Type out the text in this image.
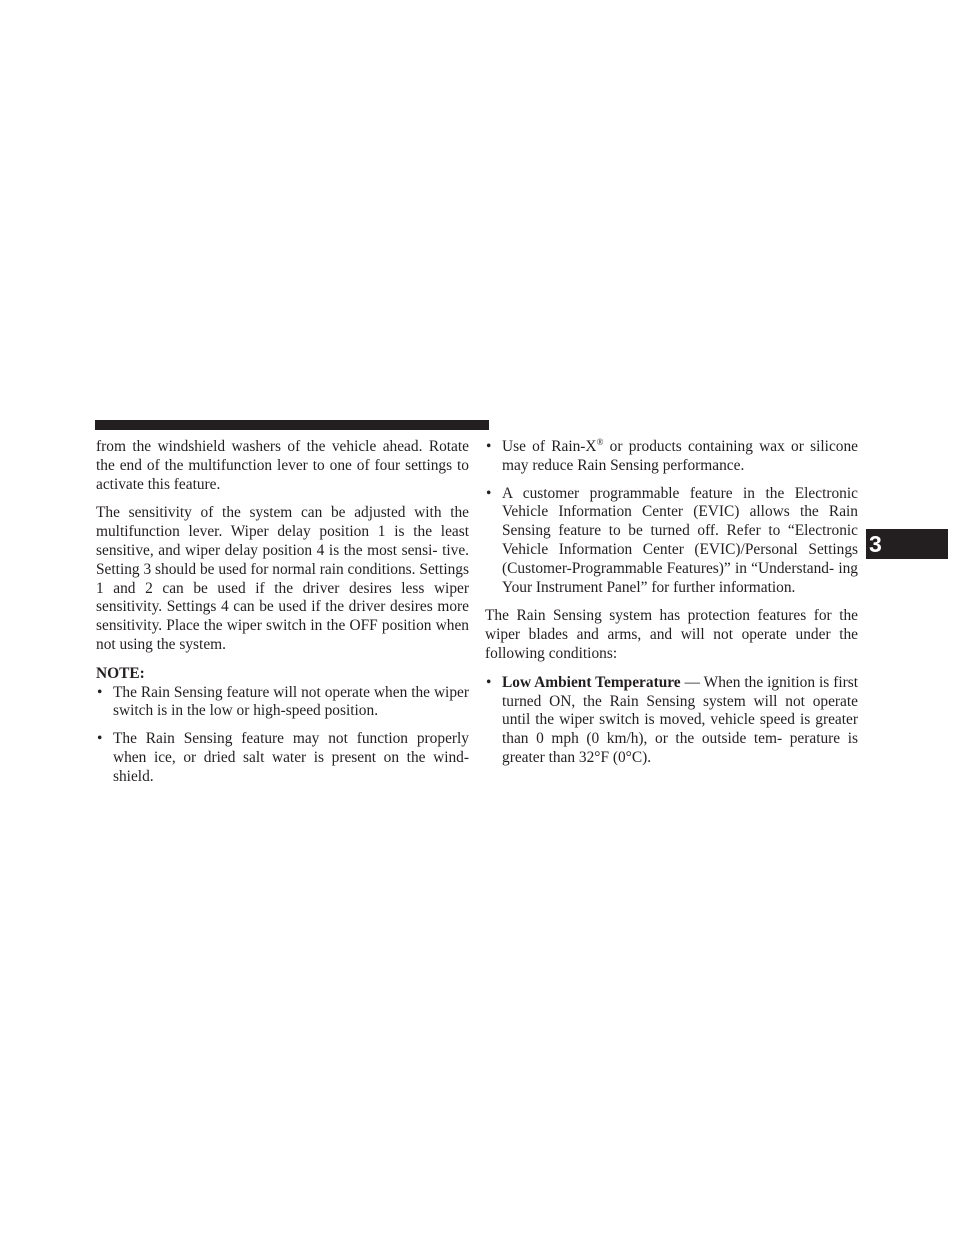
from the windshield washers of the vehicle ahead. Rotate the end of the multifunction lever to one of four settings to activate this feature.

The sensitivity of the system can be adjusted with the multifunction lever. Wiper delay position 1 is the least sensitive, and wiper delay position 4 is the most sensi- tive. Setting 3 should be used for normal rain conditions. Settings 1 and 2 can be used if the driver desires less wiper sensitivity. Settings 4 can be used if the driver desires more sensitivity. Place the wiper switch in the OFF position when not using the system.

NOTE:

• The Rain Sensing feature will not operate when the wiper switch is in the low or high-speed position.
• The Rain Sensing feature may not function properly when ice, or dried salt water is present on the wind- shield.
• Use of Rain-X® or products containing wax or silicone may reduce Rain Sensing performance.
• A customer programmable feature in the Electronic Vehicle Information Center (EVIC) allows the Rain Sensing feature to be turned off. Refer to “Electronic Vehicle Information Center (EVIC)/Personal Settings (Customer-Programmable Features)” in “Understand- ing Your Instrument Panel” for further information.

The Rain Sensing system has protection features for the wiper blades and arms, and will not operate under the following conditions:

• Low Ambient Temperature — When the ignition is first turned ON, the Rain Sensing system will not operate until the wiper switch is moved, vehicle speed is greater than 0 mph (0 km/h), or the outside tem- perature is greater than 32°F (0°C).
3
